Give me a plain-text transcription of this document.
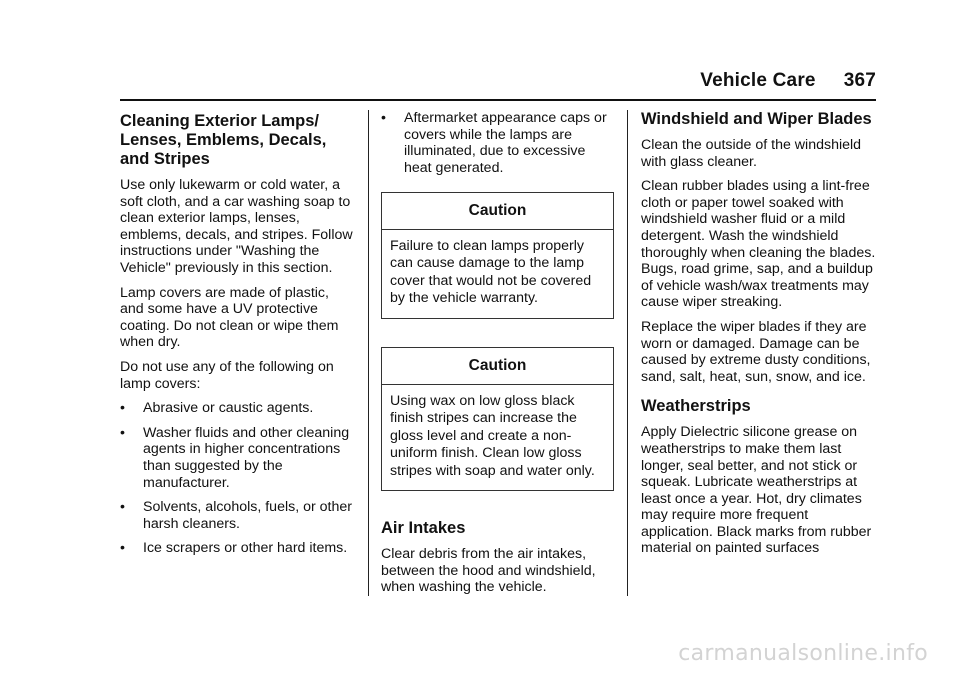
Vehicle Care 367
Cleaning Exterior Lamps/ Lenses, Emblems, Decals, and Stripes

Use only lukewarm or cold water, a soft cloth, and a car washing soap to clean exterior lamps, lenses, emblems, decals, and stripes. Follow instructions under "Washing the Vehicle" previously in this section.

Lamp covers are made of plastic, and some have a UV protective coating. Do not clean or wipe them when dry.

Do not use any of the following on lamp covers:

•	Abrasive or caustic agents.
•	Washer fluids and other cleaning agents in higher concentrations than suggested by the manufacturer.
•	Solvents, alcohols, fuels, or other harsh cleaners.
•	Ice scrapers or other hard items.
•	Aftermarket appearance caps or covers while the lamps are illuminated, due to excessive heat generated.
Caution
Failure to clean lamps properly can cause damage to the lamp cover that would not be covered by the vehicle warranty.
Caution
Using wax on low gloss black finish stripes can increase the gloss level and create a non-uniform finish. Clean low gloss stripes with soap and water only.
Air Intakes

Clear debris from the air intakes, between the hood and windshield, when washing the vehicle.

Windshield and Wiper Blades

Clean the outside of the windshield with glass cleaner.

Clean rubber blades using a lint-free cloth or paper towel soaked with windshield washer fluid or a mild detergent. Wash the windshield thoroughly when cleaning the blades. Bugs, road grime, sap, and a buildup of vehicle wash/wax treatments may cause wiper streaking.

Replace the wiper blades if they are worn or damaged. Damage can be caused by extreme dusty conditions, sand, salt, heat, sun, snow, and ice.

Weatherstrips

Apply Dielectric silicone grease on weatherstrips to make them last longer, seal better, and not stick or squeak. Lubricate weatherstrips at least once a year. Hot, dry climates may require more frequent application. Black marks from rubber material on painted surfaces

carmanualsonline.info
